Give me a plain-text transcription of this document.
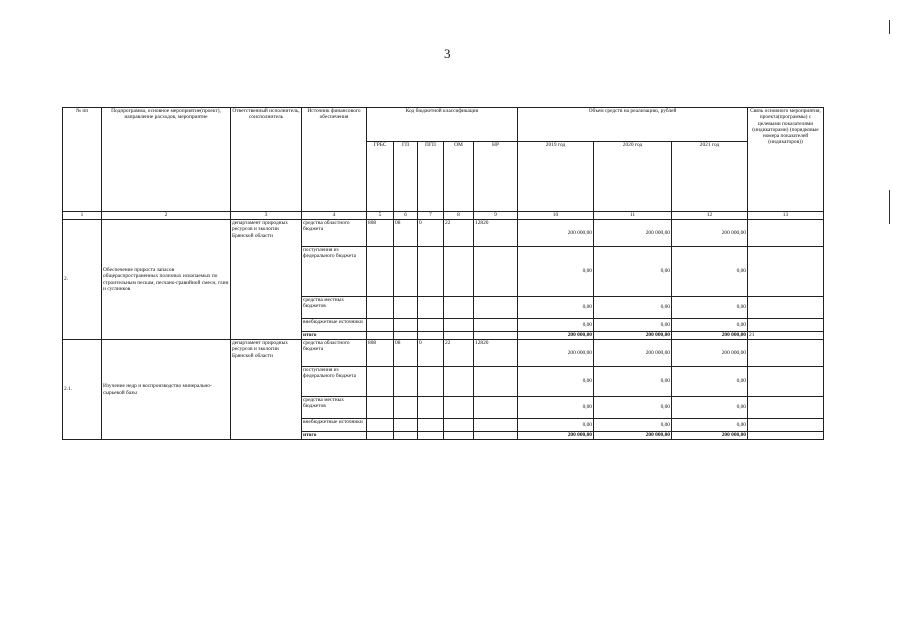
3
№ пп	Подпрограмма, основное мероприятие(проект), направление расходов, мероприятие	Ответственный исполнитель, соисполнитель	Источник финансового обеспечения	Код бюджетной классификации					Объем средств на реализацию, рублей			Связь основного мероприятия, проекта(программы) с целевыми показателями (индикаторами) (порядковые номера показателей (индикаторов))
				ГРБС	ГП	ПГП	ОМ	НР	2019 год	2020 год	2021 год	
1	2	3	4	5	6	7	8	9	10	11	12	13
2.	Обеспечение прироста запасов общераспространенных полезных ископаемых по строительным пескам, песчано-гравийной смеси, глин и суглинков	департамент природных ресурсов и экологии Брянской области	средства областного бюджета	808	08	0	22	12820	200 000,00	200 000,00	200 000,00	
			поступления из федерального бюджета						0,00	0,00	0,00	
			средства местных бюджетов						0,00	0,00	0,00	
			внебюджетные источники						0,00	0,00	0,00	
			итого						200 000,00	200 000,00	200 000,00	21
2.1.	Изучение недр и воспроизводство минерально-сырьевой базы	департамент природных ресурсов и экологии Брянской области	средства областного бюджета	808	08	0	22	12820	200 000,00	200 000,00	200 000,00	
			поступления из федерального бюджета						0,00	0,00	0,00	
			средства местных бюджетов						0,00	0,00	0,00	
			внебюджетные источники						0,00	0,00	0,00	
			итого						200 000,00	200 000,00	200 000,00	
